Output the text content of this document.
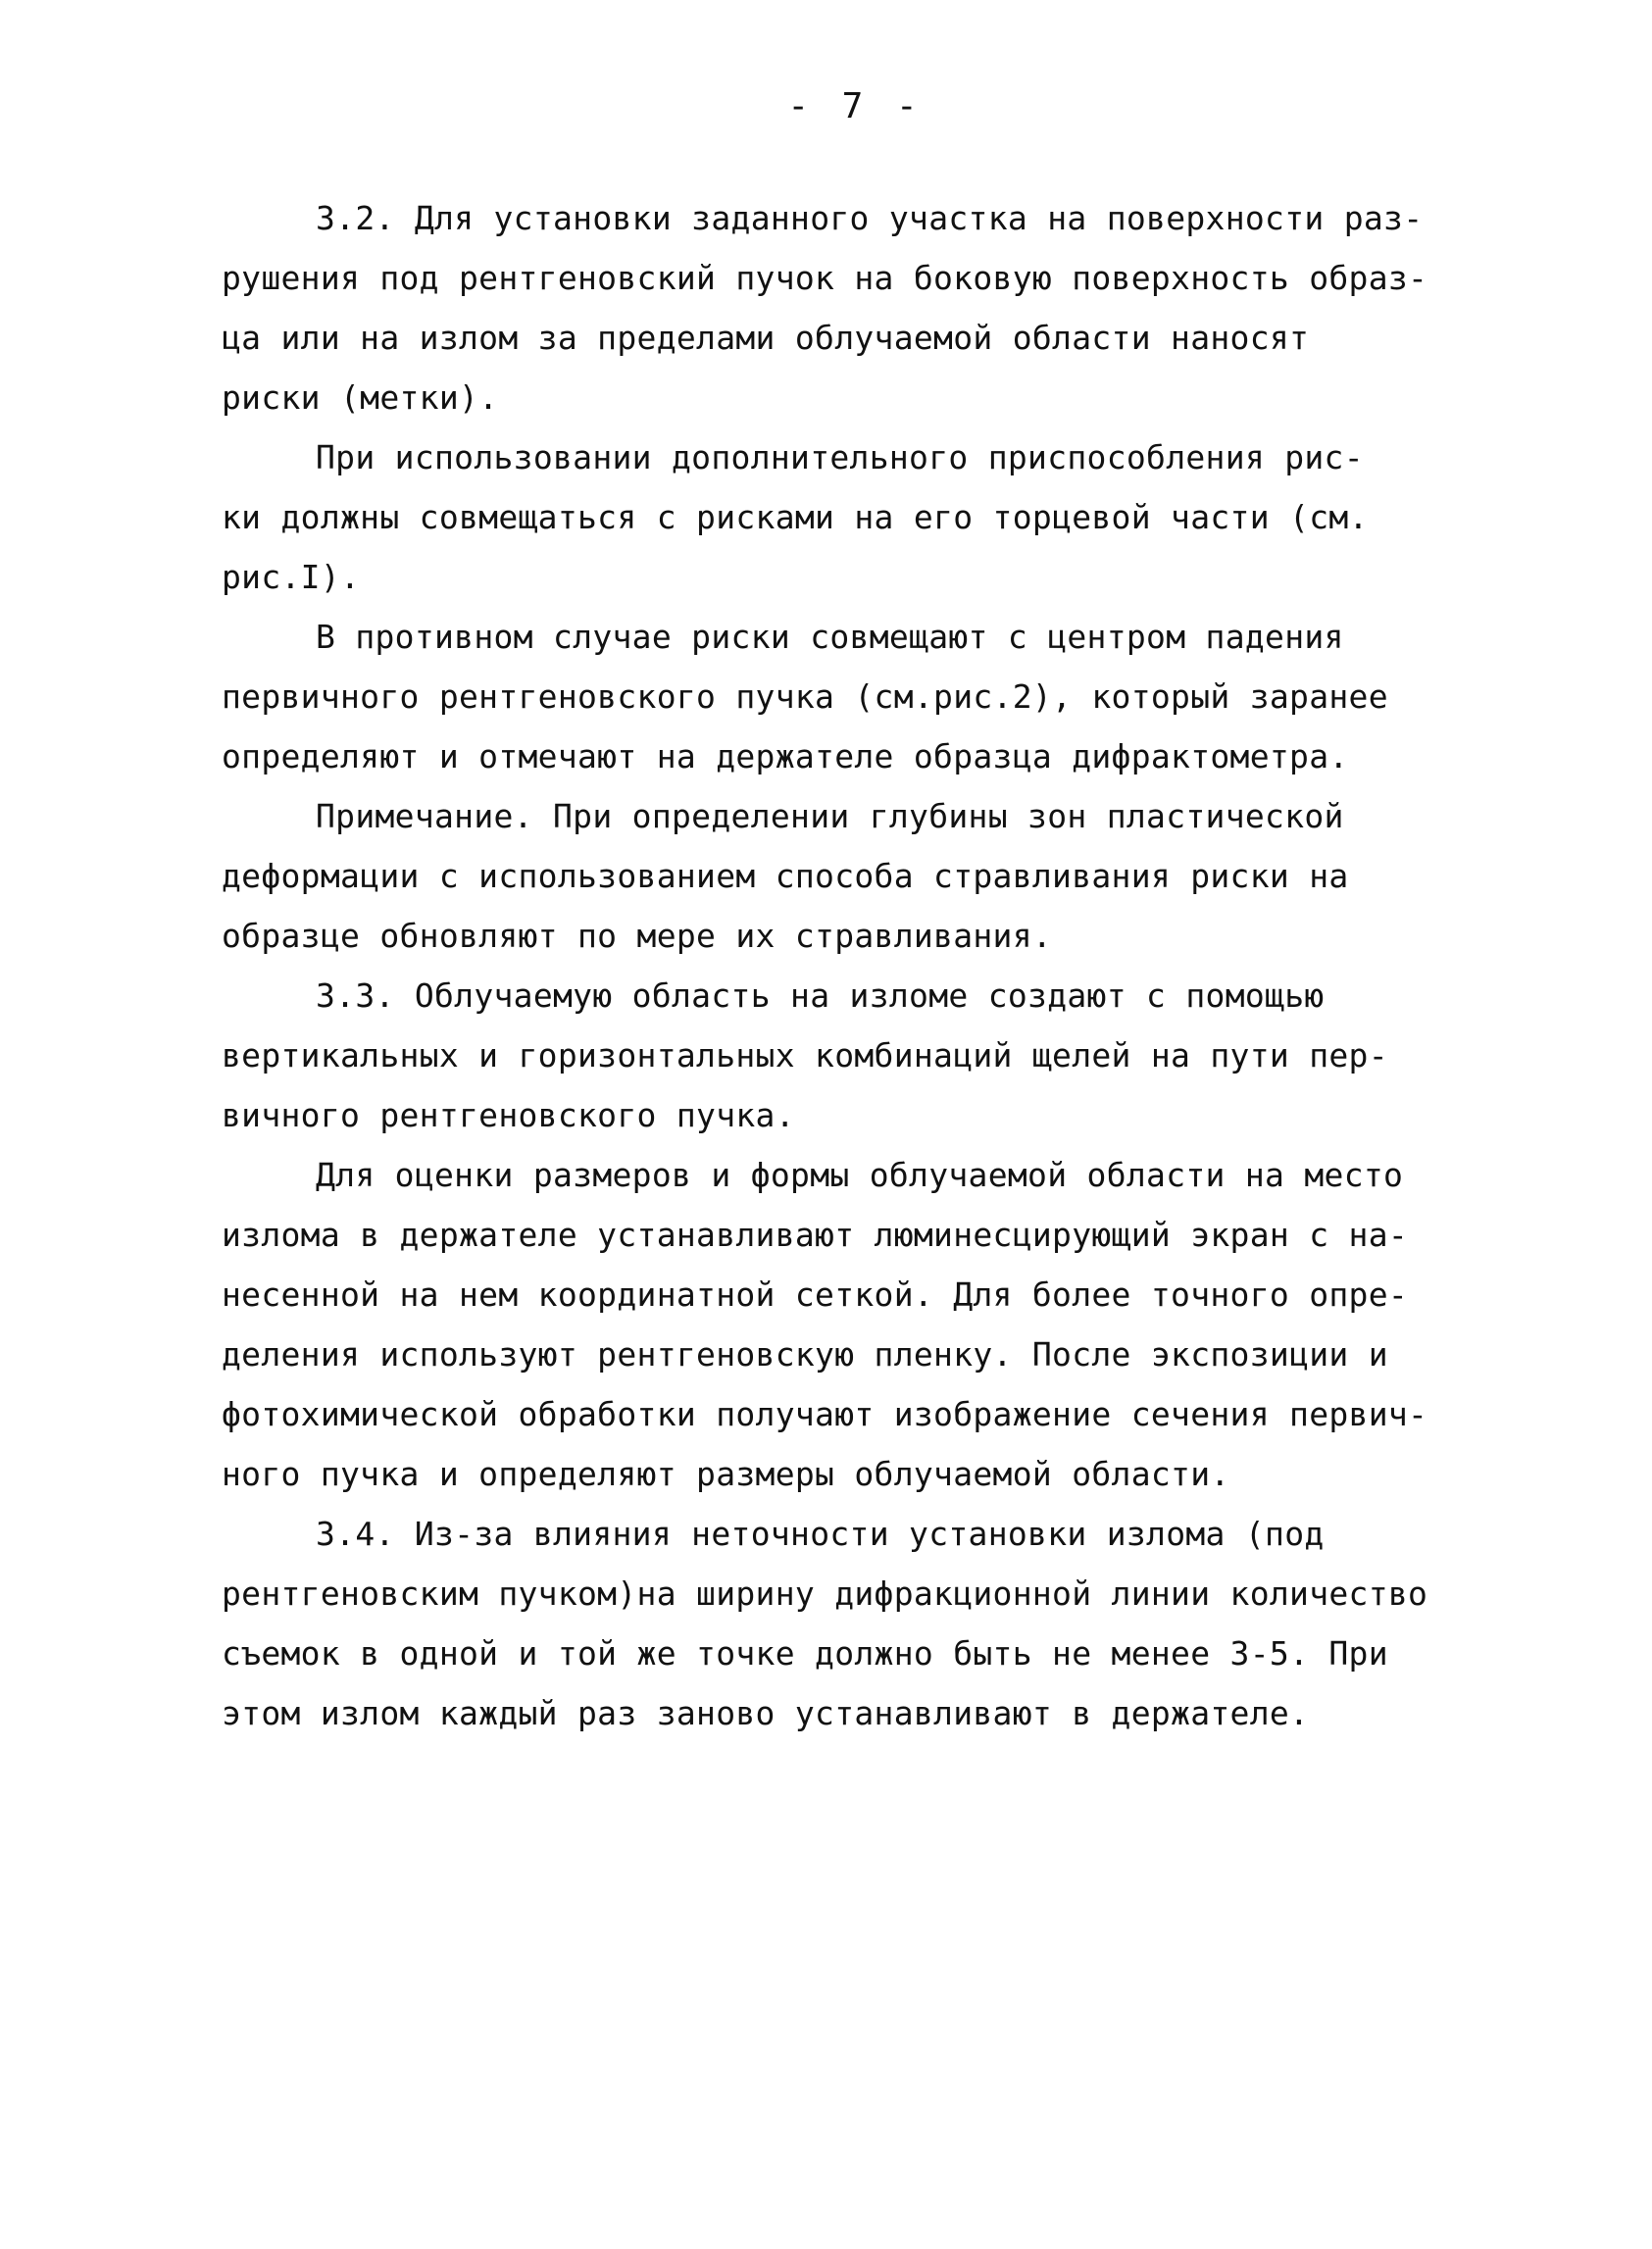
- 7 -
3.2. Для установки заданного участка на поверхности раз-
рушения под рентгеновский пучок на боковую поверхность образ-
ца или на излом за пределами облучаемой области наносят
риски (метки).
При использовании дополнительного приспособления рис-
ки должны совмещаться с рисками на его торцевой части (см.
рис.I).
В противном случае риски совмещают с центром падения
первичного рентгеновского пучка (см.рис.2), который заранее
определяют и отмечают на держателе образца дифрактометра.
Примечание. При определении глубины зон пластической
деформации с использованием способа стравливания риски на
образце обновляют по мере их стравливания.
3.3. Облучаемую область на изломе создают с помощью
вертикальных и горизонтальных комбинаций щелей на пути пер-
вичного рентгеновского пучка.
Для оценки размеров и формы облучаемой области на место
излома в держателе устанавливают люминесцирующий экран с на-
несенной на нем координатной сеткой. Для более точного опре-
деления используют рентгеновскую пленку. После экспозиции и
фотохимической обработки получают изображение сечения первич-
ного пучка и определяют размеры облучаемой области.
3.4. Из-за влияния неточности установки излома (под
рентгеновским пучком)на ширину дифракционной линии количество
съемок в одной и той же точке должно быть не менее 3-5. При
этом излом каждый раз заново устанавливают в держателе.
